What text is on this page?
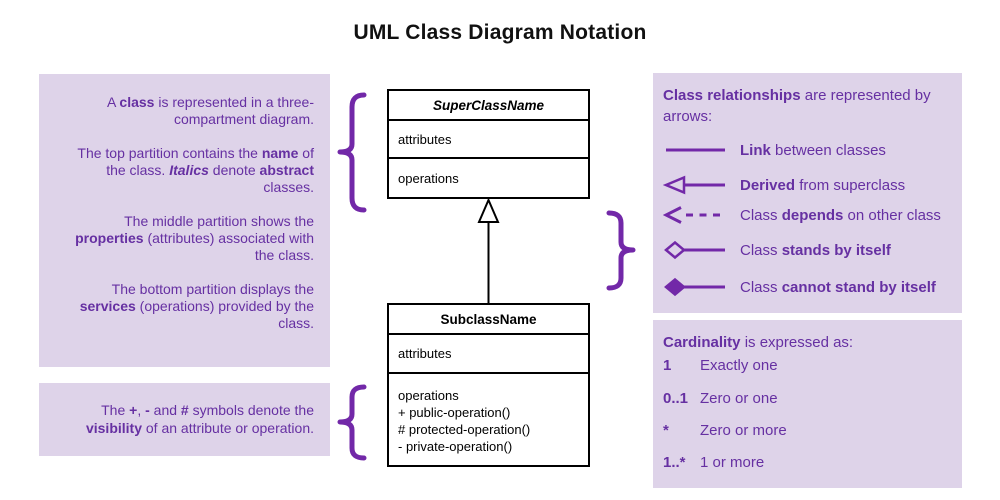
UML Class Diagram Notation

A class is represented in a three-compartment diagram.

The top partition contains the name of the class. Italics denote abstract classes.

The middle partition shows the properties (attributes) associated with the class.

The bottom partition displays the services (operations) provided by the class.

The +, - and # symbols denote the visibility of an attribute or operation.

SuperClassName
attributes
operations
SubclassName
attributes
operations
+ public-operation()
# protected-operation()
- private-operation()

Class relationships are represented by arrows:

Link between classes
Derived from superclass
Class depends on other class
Class stands by itself
Class cannot stand by itself

Cardinality is expressed as:

1	Exactly one
0..1 Zero or one
*	Zero or more
1..* 1 or more
